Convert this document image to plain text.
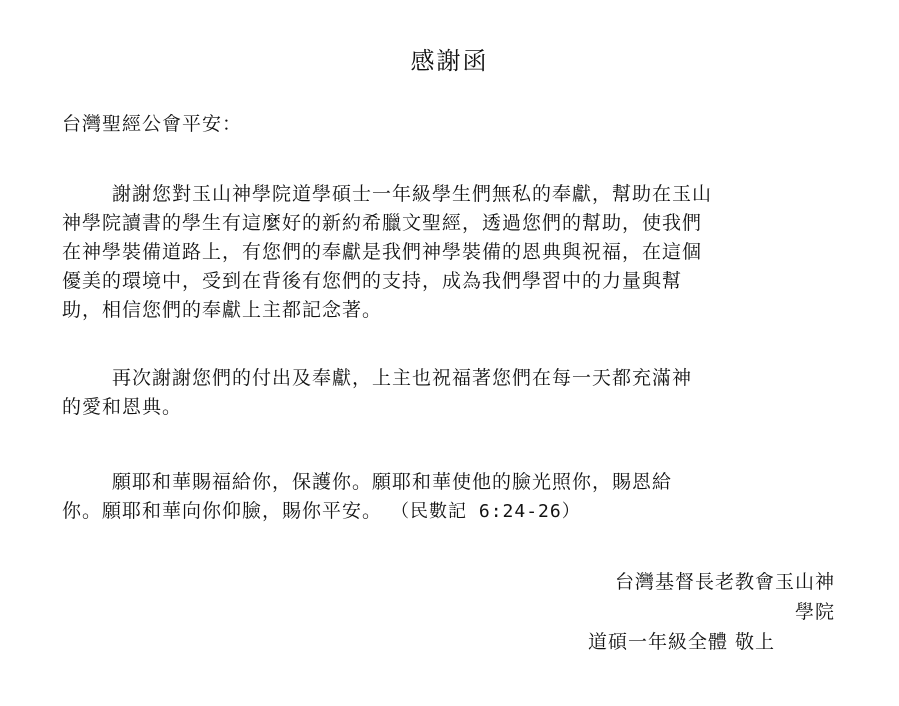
感謝函
台灣聖經公會平安：
謝謝您對玉山神學院道學碩士一年級學生們無私的奉獻，幫助在玉山
神學院讀書的學生有這麼好的新約希臘文聖經，透過您們的幫助，使我們
在神學裝備道路上，有您們的奉獻是我們神學裝備的恩典與祝福，在這個
優美的環境中，受到在背後有您們的支持，成為我們學習中的力量與幫
助，相信您們的奉獻上主都記念著。
再次謝謝您們的付出及奉獻，上主也祝福著您們在每一天都充滿神
的愛和恩典。
願耶和華賜福給你，保護你。願耶和華使他的臉光照你，賜恩給
你。願耶和華向你仰臉，賜你平安。 （民數記 6:24-26）
台灣基督長老教會玉山神
學院
道碩一年級全體 敬上
